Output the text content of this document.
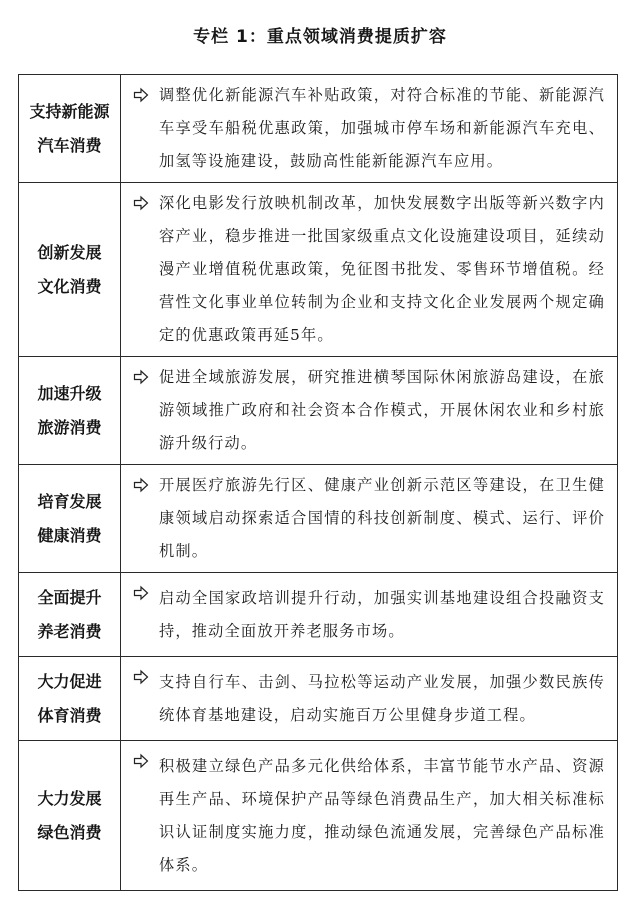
专栏 1：重点领域消费提质扩容
支持新能源
汽车消费	调整优化新能源汽车补贴政策，对符合标准的节能、新能源汽车享受车船税优惠政策，加强城市停车场和新能源汽车充电、加氢等设施建设，鼓励高性能新能源汽车应用。

创新发展
文化消费	深化电影发行放映机制改革，加快发展数字出版等新兴数字内容产业，稳步推进一批国家级重点文化设施建设项目，延续动漫产业增值税优惠政策，免征图书批发、零售环节增值税。经营性文化事业单位转制为企业和支持文化企业发展两个规定确定的优惠政策再延5年。

加速升级
旅游消费	促进全域旅游发展，研究推进横琴国际休闲旅游岛建设，在旅游领域推广政府和社会资本合作模式，开展休闲农业和乡村旅游升级行动。

培育发展
健康消费	开展医疗旅游先行区、健康产业创新示范区等建设，在卫生健康领域启动探索适合国情的科技创新制度、模式、运行、评价机制。

全面提升
养老消费	启动全国家政培训提升行动，加强实训基地建设组合投融资支持，推动全面放开养老服务市场。

大力促进
体育消费	支持自行车、击剑、马拉松等运动产业发展，加强少数民族传统体育基地建设，启动实施百万公里健身步道工程。

大力发展
绿色消费	积极建立绿色产品多元化供给体系，丰富节能节水产品、资源再生产品、环境保护产品等绿色消费品生产，加大相关标准标识认证制度实施力度，推动绿色流通发展，完善绿色产品标准体系。
